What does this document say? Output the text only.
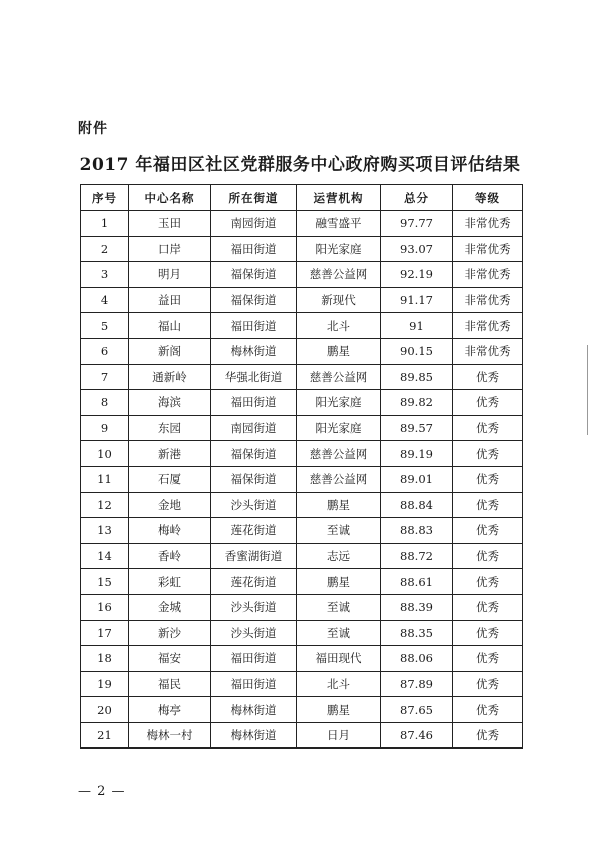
附件
2017 年福田区社区党群服务中心政府购买项目评估结果
序号	中心名称	所在街道	运营机构	总分	等级
1	玉田	南园街道	融雪盛平	97.77	非常优秀
2	口岸	福田街道	阳光家庭	93.07	非常优秀
3	明月	福保街道	慈善公益网	92.19	非常优秀
4	益田	福保街道	新现代	91.17	非常优秀
5	福山	福田街道	北斗	91	非常优秀
6	新阁	梅林街道	鹏星	90.15	非常优秀
7	通新岭	华强北街道	慈善公益网	89.85	优秀
8	海滨	福田街道	阳光家庭	89.82	优秀
9	东园	南园街道	阳光家庭	89.57	优秀
10	新港	福保街道	慈善公益网	89.19	优秀
11	石厦	福保街道	慈善公益网	89.01	优秀
12	金地	沙头街道	鹏星	88.84	优秀
13	梅岭	莲花街道	至诚	88.83	优秀
14	香岭	香蜜湖街道	志远	88.72	优秀
15	彩虹	莲花街道	鹏星	88.61	优秀
16	金城	沙头街道	至诚	88.39	优秀
17	新沙	沙头街道	至诚	88.35	优秀
18	福安	福田街道	福田现代	88.06	优秀
19	福民	福田街道	北斗	87.89	优秀
20	梅亭	梅林街道	鹏星	87.65	优秀
21	梅林一村	梅林街道	日月	87.46	优秀
— 2 —
